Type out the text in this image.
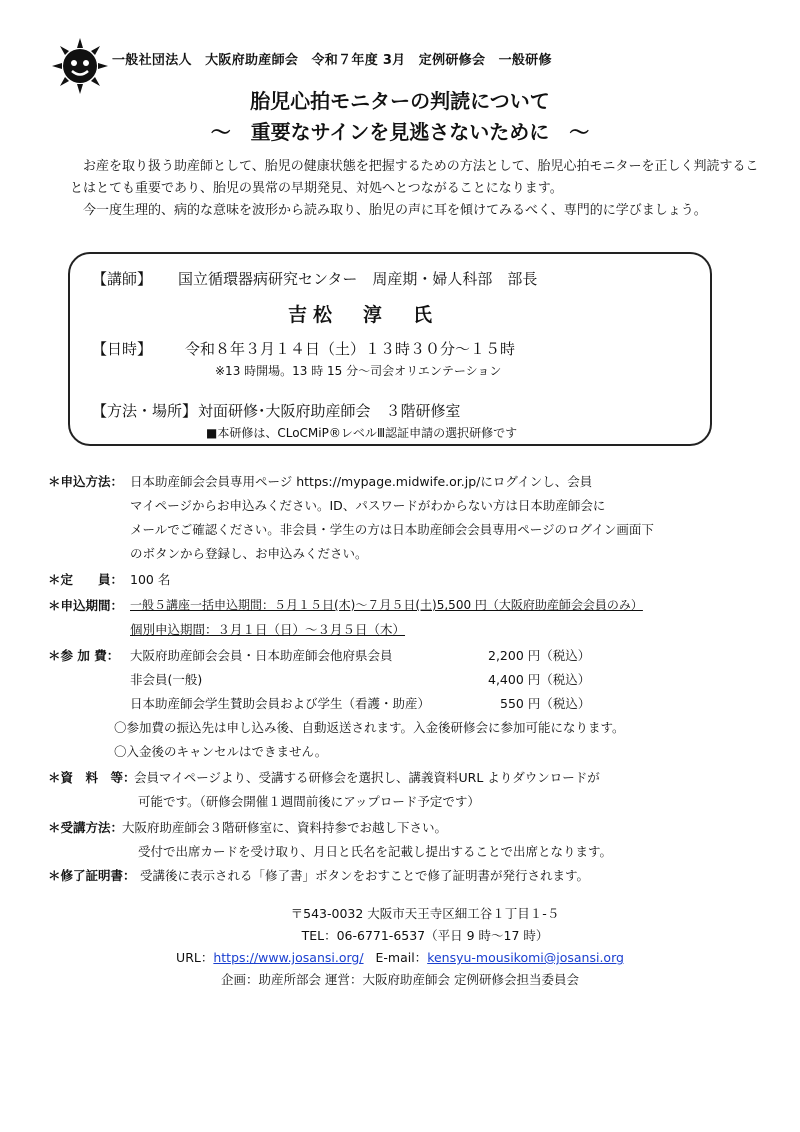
一般社団法人　大阪府助産師会　令和７年度 3月　定例研修会　一般研修
胎児心拍モニターの判読について
～　重要なサインを見逃さないために　～

お産を取り扱う助産師として、胎児の健康状態を把握するための方法として、胎児心拍モニターを正しく判読することはとても重要であり、胎児の異常の早期発見、対処へとつながることになります。

今一度生理的、病的な意味を波形から読み取り、胎児の声に耳を傾けてみるべく、専門的に学びましょう。

【講師】 国立循環器病研究センター　周産期・婦人科部　部長
吉松　淳　氏
【日時】 令和８年３月１４日（土）１３時３０分～１５時
※13 時開場。13 時 15 分～司会オリエンテーション
【方法・場所】 対面研修･大阪府助産師会　３階研修室
■本研修は、CLoCMiP®レベルⅢ認証申請の選択研修です
＊申込方法： 日本助産師会会員専用ページ https://mypage.midwife.or.jp/にログインし、会員
マイページからお申込みください。ID、パスワードがわからない方は日本助産師会に
メールでご確認ください。非会員・学生の方は日本助産師会会員専用ページのログイン画面下
のボタンから登録し、お申込みください。
＊定　　員： 100 名
＊申込期間： 一般５講座一括申込期間：５月１５日(木)～７月５日(土)5,500 円（大阪府助産師会会員のみ）
個別申込期間：３月１日（日）～３月５日（木）
＊参 加 費： 大阪府助産師会会員・日本助産師会他府県会員	2,200 円（税込）
非会員(一般)	4,400 円（税込）
日本助産師会学生賛助会員および学生（看護・助産）	550 円（税込）
〇参加費の振込先は申し込み後、自動返送されます。入金後研修会に参加可能になります。
〇入金後のキャンセルはできません。
＊資　料　等：
会員マイページより、受講する研修会を選択し、講義資料URL よりダウンロードが
可能です。（研修会開催１週間前後にアップロード予定です）
＊受講方法：
大阪府助産師会３階研修室に、資料持参でお越し下さい。
受付で出席カードを受け取り、月日と氏名を記載し提出することで出席となります。
＊修了証明書： 受講後に表示される「修了書」ボタンをおすことで修了証明書が発行されます。
〒543-0032 大阪市天王寺区細工谷１丁目１-５
TEL：06-6771-6537（平日 9 時～17 時）
URL：https://www.josansi.org/ E-mail：kensyu-mousikomi@josansi.org
企画：助産所部会 運営：大阪府助産師会 定例研修会担当委員会
